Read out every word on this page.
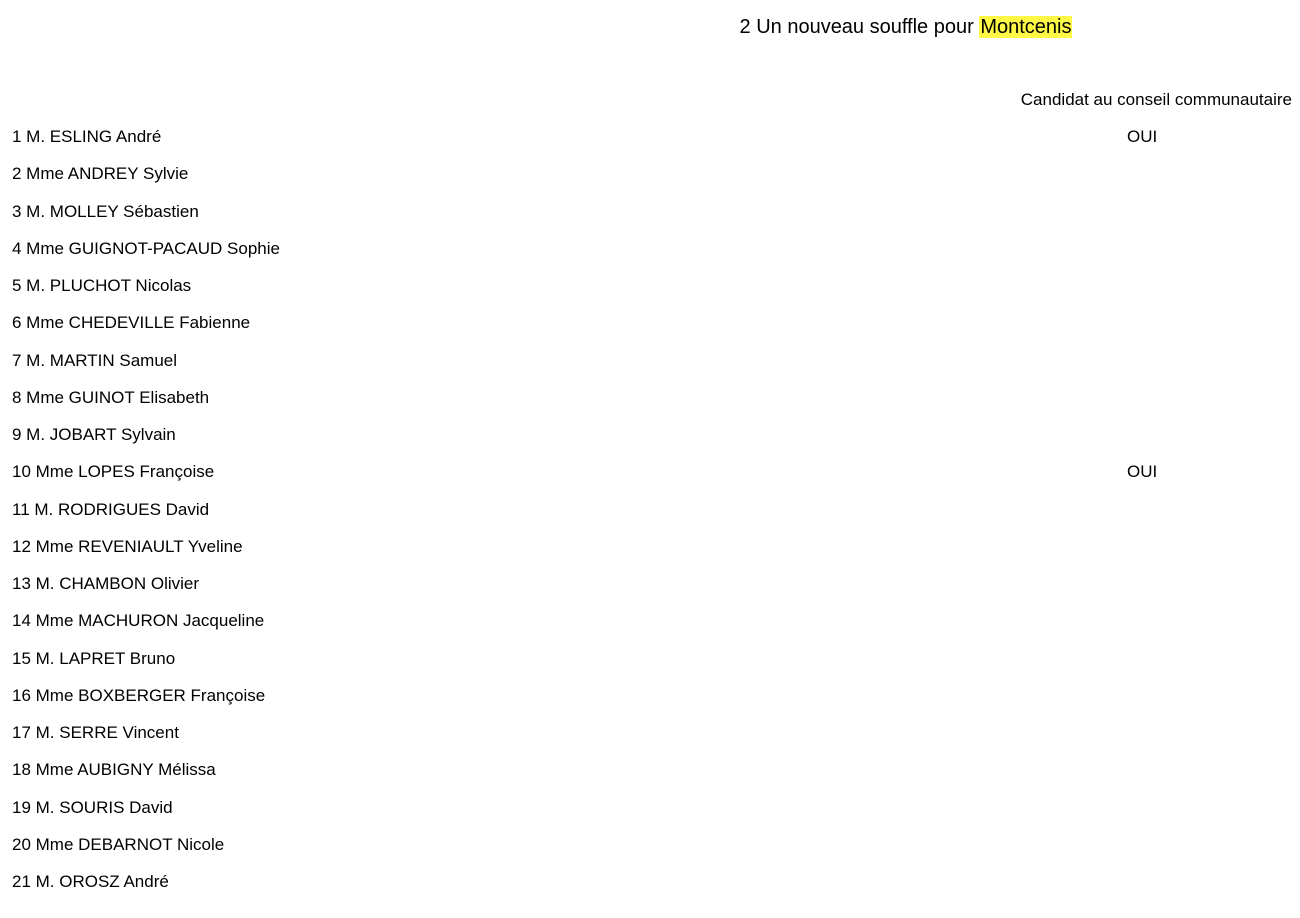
2 Un nouveau souffle pour Montcenis
Candidat au conseil communautaire
1 M. ESLING André	OUI
2 Mme ANDREY Sylvie
3 M. MOLLEY Sébastien
4 Mme GUIGNOT-PACAUD Sophie
5 M. PLUCHOT Nicolas
6 Mme CHEDEVILLE Fabienne
7 M. MARTIN Samuel
8 Mme GUINOT Elisabeth
9 M. JOBART Sylvain
10 Mme LOPES Françoise	OUI
11 M. RODRIGUES David
12 Mme REVENIAULT Yveline
13 M. CHAMBON Olivier
14 Mme MACHURON Jacqueline
15 M. LAPRET Bruno
16 Mme BOXBERGER Françoise
17 M. SERRE Vincent
18 Mme AUBIGNY Mélissa
19 M. SOURIS David
20 Mme DEBARNOT Nicole
21 M. OROSZ André
